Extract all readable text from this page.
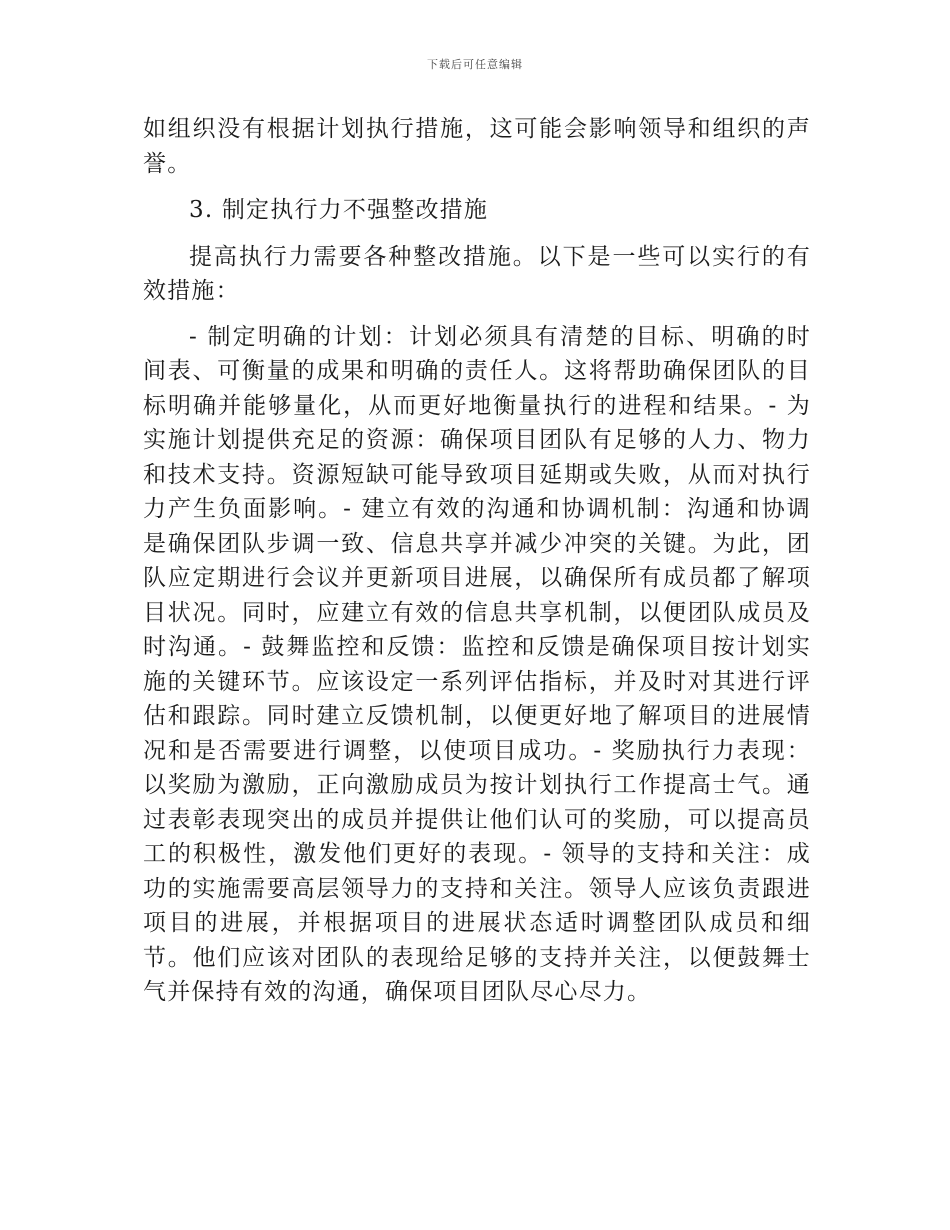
下载后可任意编辑

如组织没有根据计划执行措施，这可能会影响领导和组织的声誉。

3. 制定执行力不强整改措施

提高执行力需要各种整改措施。以下是一些可以实行的有效措施：

- 制定明确的计划：计划必须具有清楚的目标、明确的时间表、可衡量的成果和明确的责任人。这将帮助确保团队的目标明确并能够量化，从而更好地衡量执行的进程和结果。- 为实施计划提供充足的资源：确保项目团队有足够的人力、物力和技术支持。资源短缺可能导致项目延期或失败，从而对执行力产生负面影响。- 建立有效的沟通和协调机制：沟通和协调是确保团队步调一致、信息共享并减少冲突的关键。为此，团队应定期进行会议并更新项目进展，以确保所有成员都了解项目状况。同时，应建立有效的信息共享机制，以便团队成员及时沟通。- 鼓舞监控和反馈：监控和反馈是确保项目按计划实施的关键环节。应该设定一系列评估指标，并及时对其进行评估和跟踪。同时建立反馈机制，以便更好地了解项目的进展情况和是否需要进行调整，以使项目成功。- 奖励执行力表现：以奖励为激励，正向激励成员为按计划执行工作提高士气。通过表彰表现突出的成员并提供让他们认可的奖励，可以提高员工的积极性，激发他们更好的表现。- 领导的支持和关注：成功的实施需要高层领导力的支持和关注。领导人应该负责跟进项目的进展，并根据项目的进展状态适时调整团队成员和细节。他们应该对团队的表现给足够的支持并关注，以便鼓舞士气并保持有效的沟通，确保项目团队尽心尽力。
